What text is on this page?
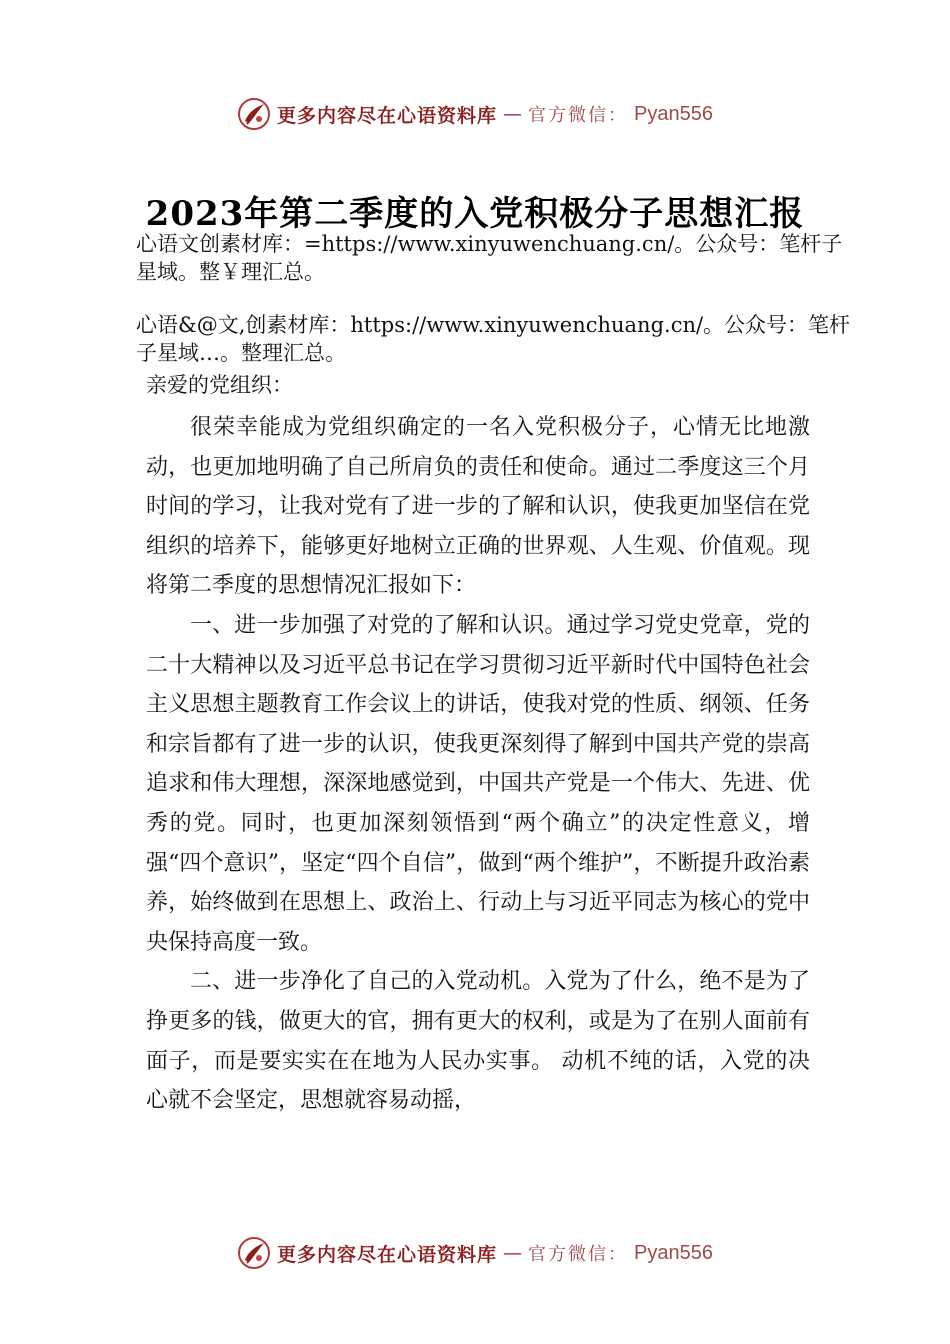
更多内容尽在心语资料库 — 官方微信： Pyan556
2023年第二季度的入党积极分子思想汇报
心语文创素材库：=https://www.xinyuwenchuang.cn/。公众号：笔杆子星域。整￥理汇总。
心语&@文,创素材库：https://www.xinyuwenchuang.cn/。公众号：笔杆子星域…。整理汇总。
亲爱的党组织：

很荣幸能成为党组织确定的一名入党积极分子，心情无比地激动，也更加地明确了自己所肩负的责任和使命。通过二季度这三个月时间的学习，让我对党有了进一步的了解和认识，使我更加坚信在党组织的培养下，能够更好地树立正确的世界观、人生观、价值观。现将第二季度的思想情况汇报如下：

一、进一步加强了对党的了解和认识。通过学习党史党章，党的二十大精神以及习近平总书记在学习贯彻习近平新时代中国特色社会主义思想主题教育工作会议上的讲话，使我对党的性质、纲领、任务和宗旨都有了进一步的认识，使我更深刻得了解到中国共产党的崇高追求和伟大理想，深深地感觉到，中国共产党是一个伟大、先进、优秀的党。同时，也更加深刻领悟到“两个确立”的决定性意义，增强“四个意识”，坚定“四个自信”，做到“两个维护”，不断提升政治素养，始终做到在思想上、政治上、行动上与习近平同志为核心的党中央保持高度一致。

二、进一步净化了自己的入党动机。入党为了什么，绝不是为了挣更多的钱，做更大的官，拥有更大的权利，或是为了在别人面前有面子，而是要实实在在地为人民办实事。 动机不纯的话，入党的决心就不会坚定，思想就容易动摇，

更多内容尽在心语资料库 — 官方微信： Pyan556
